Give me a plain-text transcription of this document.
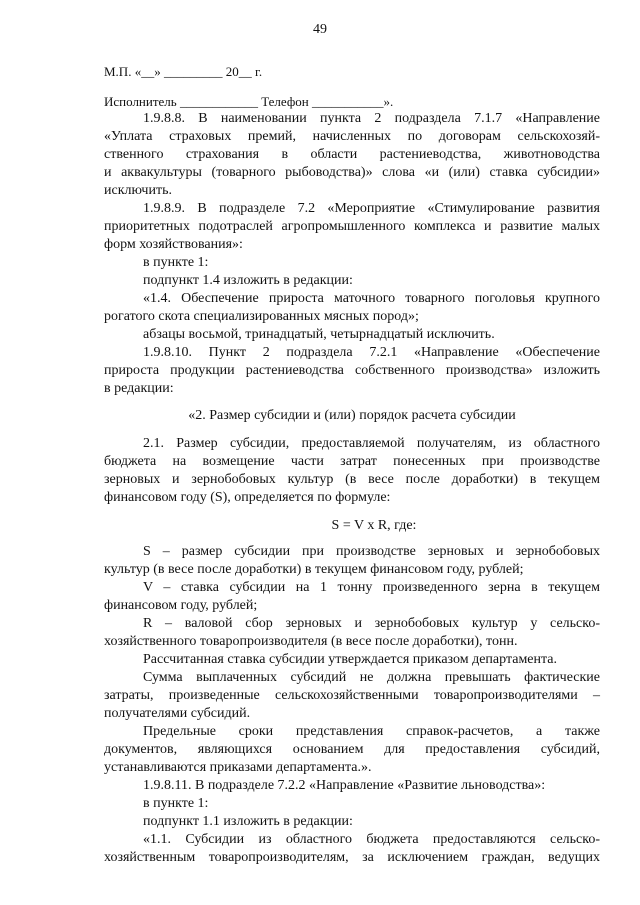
49
М.П. «__» _________ 20__ г.
Исполнитель ____________ Телефон ___________».
1.9.8.8. В наименовании пункта 2 подраздела 7.1.7 «Направление
«Уплата страховых премий, начисленных по договорам сельскохозяй-
ственного страхования в области растениеводства, животноводства
и аквакультуры (товарного рыбоводства)» слова «и (или) ставка субсидии»
исключить.
1.9.8.9. В подразделе 7.2 «Мероприятие «Стимулирование развития
приоритетных подотраслей агропромышленного комплекса и развитие малых
форм хозяйствования»:
в пункте 1:
подпункт 1.4 изложить в редакции:
«1.4. Обеспечение прироста маточного товарного поголовья крупного
рогатого скота специализированных мясных пород»;
абзацы восьмой, тринадцатый, четырнадцатый исключить.
1.9.8.10. Пункт 2 подраздела 7.2.1 «Направление «Обеспечение
прироста продукции растениеводства собственного производства» изложить
в редакции:
«2. Размер субсидии и (или) порядок расчета субсидии
2.1. Размер субсидии, предоставляемой получателям, из областного
бюджета на возмещение части затрат понесенных при производстве
зерновых и зернобобовых культур (в весе после доработки) в текущем
финансовом году (S), определяется по формуле:
S = V x R, где:
S – размер субсидии при производстве зерновых и зернобобовых
культур (в весе после доработки) в текущем финансовом году, рублей;
V – ставка субсидии на 1 тонну произведенного зерна в текущем
финансовом году, рублей;
R – валовой сбор зерновых и зернобобовых культур у сельско-
хозяйственного товаропроизводителя (в весе после доработки), тонн.
Рассчитанная ставка субсидии утверждается приказом департамента.
Сумма выплаченных субсидий не должна превышать фактические
затраты, произведенные сельскохозяйственными товаропроизводителями –
получателями субсидий.
Предельные сроки представления справок-расчетов, а также
документов, являющихся основанием для предоставления субсидий,
устанавливаются приказами департамента.».
1.9.8.11. В подразделе 7.2.2 «Направление «Развитие льноводства»:
в пункте 1:
подпункт 1.1 изложить в редакции:
«1.1. Субсидии из областного бюджета предоставляются сельско-
хозяйственным товаропроизводителям, за исключением граждан, ведущих
